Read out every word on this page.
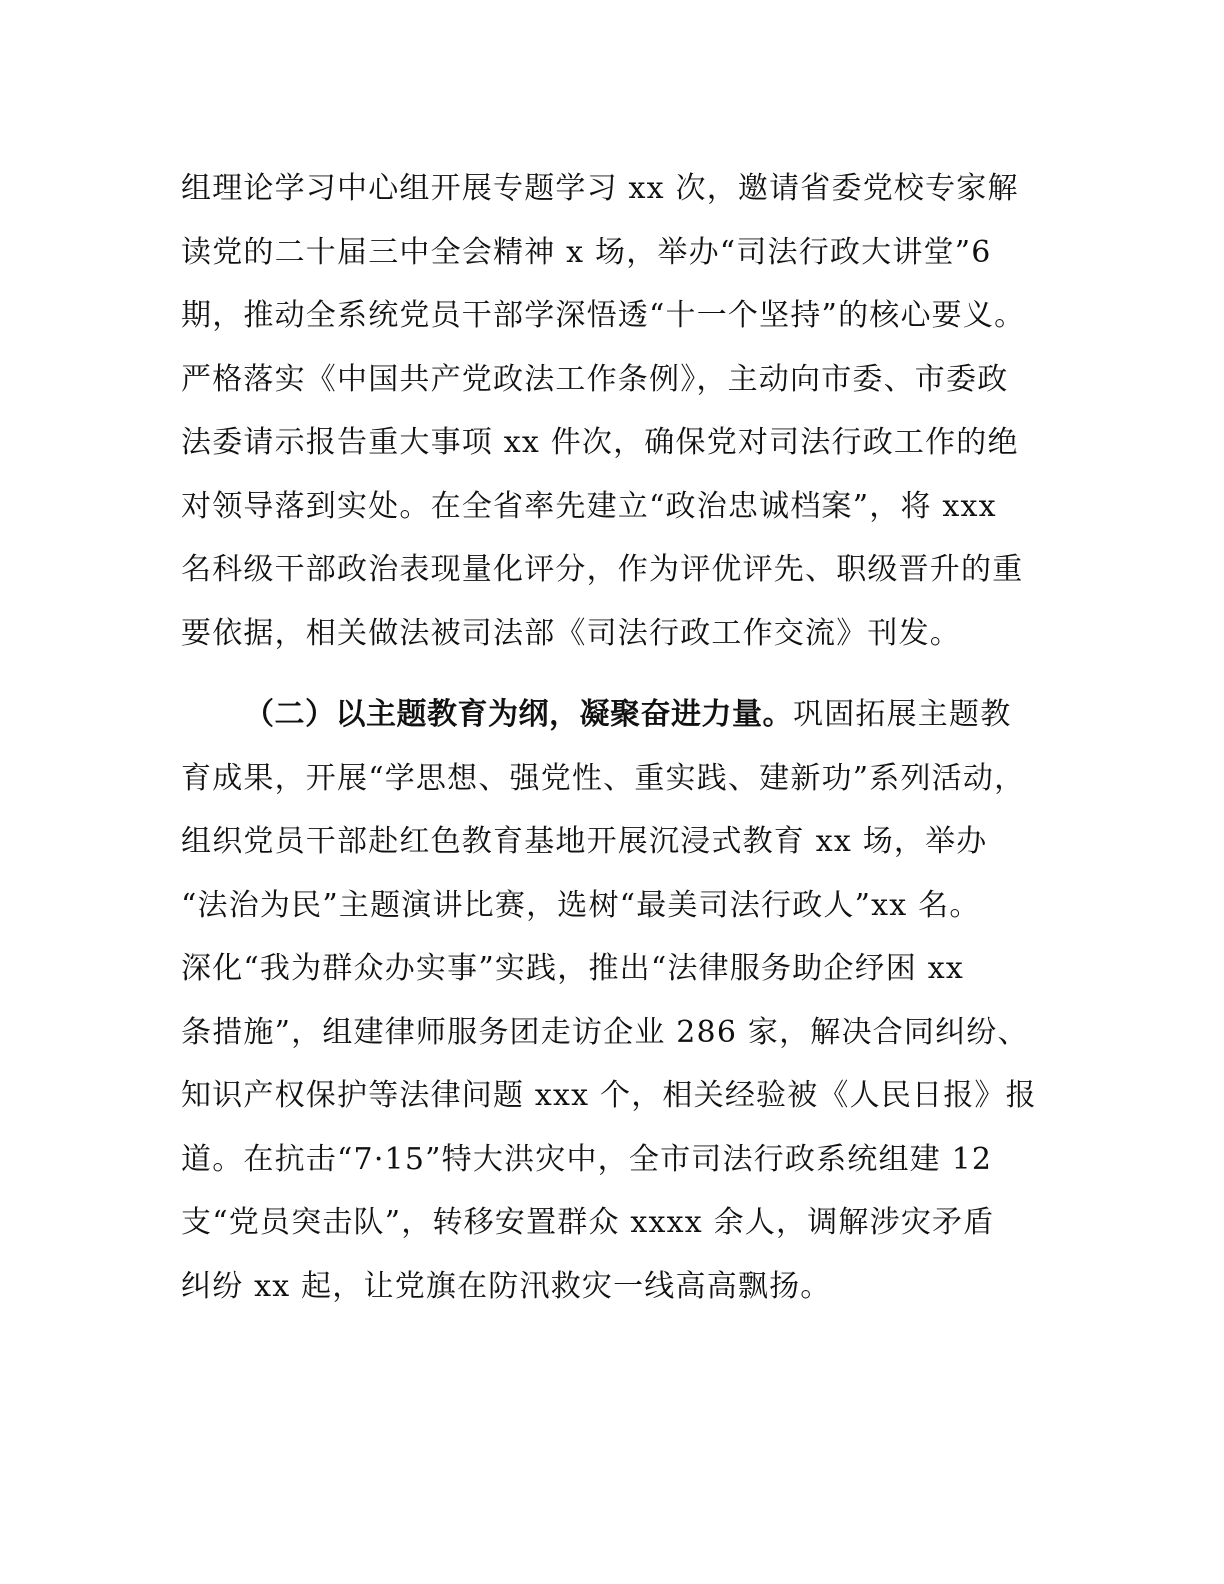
组理论学习中心组开展专题学习 xx 次，邀请省委党校专家解
读党的二十届三中全会精神 x 场，举办“司法行政大讲堂”6
期，推动全系统党员干部学深悟透“十一个坚持”的核心要义。
严格落实《中国共产党政法工作条例》，主动向市委、市委政
法委请示报告重大事项 xx 件次，确保党对司法行政工作的绝
对领导落到实处。在全省率先建立“政治忠诚档案”，将 xxx
名科级干部政治表现量化评分，作为评优评先、职级晋升的重
要依据，相关做法被司法部《司法行政工作交流》刊发。
（二）以主题教育为纲，凝聚奋进力量。巩固拓展主题教
育成果，开展“学思想、强党性、重实践、建新功”系列活动，
组织党员干部赴红色教育基地开展沉浸式教育 xx 场，举办
“法治为民”主题演讲比赛，选树“最美司法行政人”xx 名。
深化“我为群众办实事”实践，推出“法律服务助企纾困 xx
条措施”，组建律师服务团走访企业 286 家，解决合同纠纷、
知识产权保护等法律问题 xxx 个，相关经验被《人民日报》报
道。在抗击“7·15”特大洪灾中，全市司法行政系统组建 12
支“党员突击队”，转移安置群众 xxxx 余人，调解涉灾矛盾
纠纷 xx 起，让党旗在防汛救灾一线高高飘扬。
